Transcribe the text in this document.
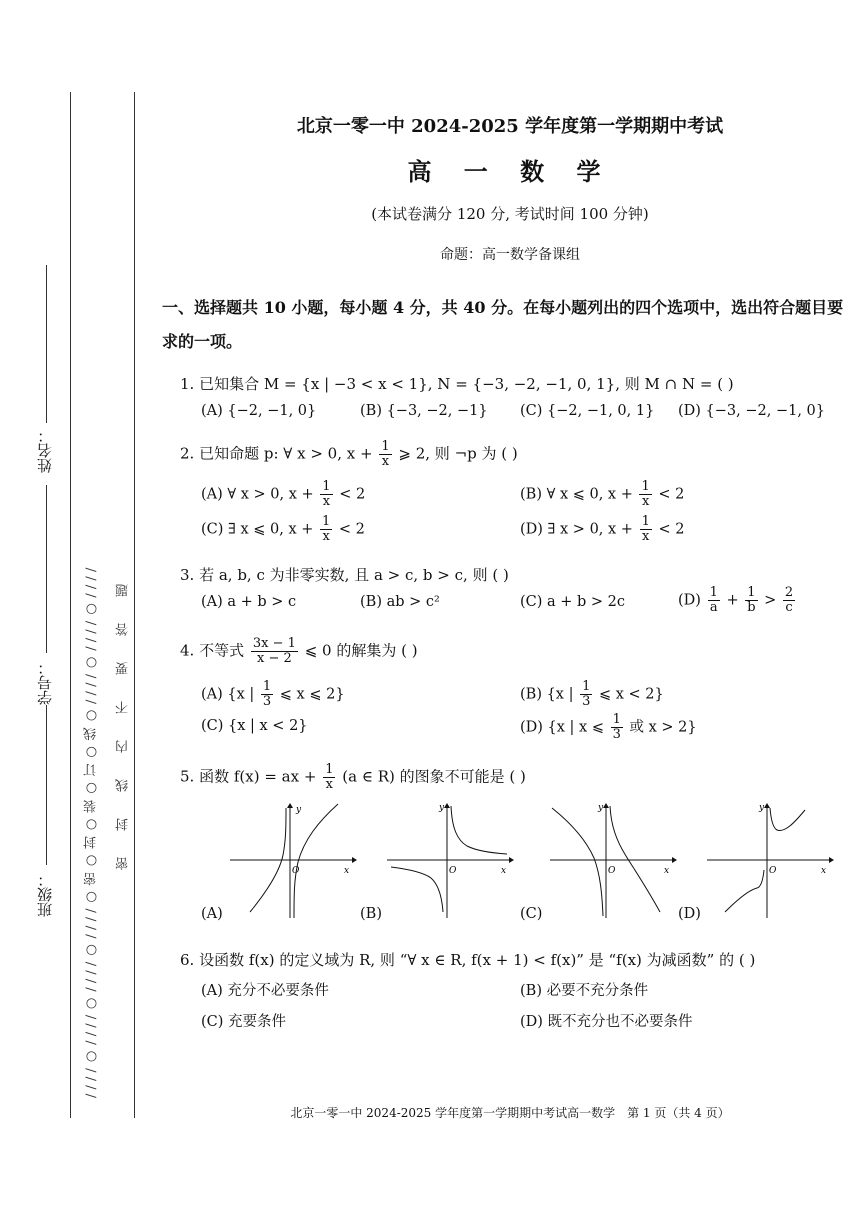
/ / / / ○ / / / / ○ / / / / ○ / / / / ○ 密 ○ 封 ○ 装 ○ 订 ○ 线 ○ / / / / ○ / / / / ○ / / / / 密　　封　　线　　内　　不　　要　　答　　题
班级：
学号：
姓名：
北京一零一中 2024-2025 学年度第一学期期中考试
高 一 数 学
(本试卷满分 120 分, 考试时间 100 分钟)
命题：高一数学备课组
一、选择题共 10 小题，每小题 4 分，共 40 分。在每小题列出的四个选项中，选出符合题目要求的一项。
1. 已知集合 M = {x | −3 < x < 1}, N = {−3, −2, −1, 0, 1}, 则 M ∩ N = ( )
(A) {−2, −1, 0}	(B) {−3, −2, −1} (C) {−2, −1, 0, 1} (D) {−3, −2, −1, 0}
2. 已知命题 p: ∀ x > 0, $x + \frac{1}{x}$ ⩾ 2, 则 ¬p 为 ( )
(A) ∀ x > 0, $x + \frac{1}{x} < 2$	(B) ∀ x ⩽ 0, $x + \frac{1}{x} < 2$
(C) ∃ x ⩽ 0, $x + \frac{1}{x} < 2$	(D) ∃ x > 0, $x + \frac{1}{x} < 2$
3. 若 a, b, c 为非零实数, 且 a > c, b > c, 则 ( )
(A) a + b > c	(B) ab > c²	(C) a + b > 2c	$(D) \frac{1}{a} + \frac{1}{b} > \frac{2}{c}$
4. 不等式 $\frac{3x - 1}{x - 2}$ ⩽ 0 的解集为 ( )
(A) {x | $\frac{1}{3}$ ⩽ x ⩽ 2}	(B) {x | $\frac{1}{3}$ ⩽ x < 2}
(C) {x | x < 2}	(D) {x | x ⩽ $\frac{1}{3}$ 或 x > 2}
5. 函数 f(x) = ax + $\frac{1}{x} (a$ ∈ R) 的图象不可能是 ( )
y
x
O
(A)
y
x
O
(B)
y
x
O
(C)
y
x
O
(D)
6. 设函数 f(x) 的定义域为 R, 则 “∀ x ∈ R, f(x + 1) < f(x)” 是 “f(x) 为减函数” 的 ( )
(A) 充分不必要条件	(B) 必要不充分条件
(C) 充要条件	(D) 既不充分也不必要条件
北京一零一中 2024-2025 学年度第一学期期中考试高一数学　第 1 页（共 4 页）
